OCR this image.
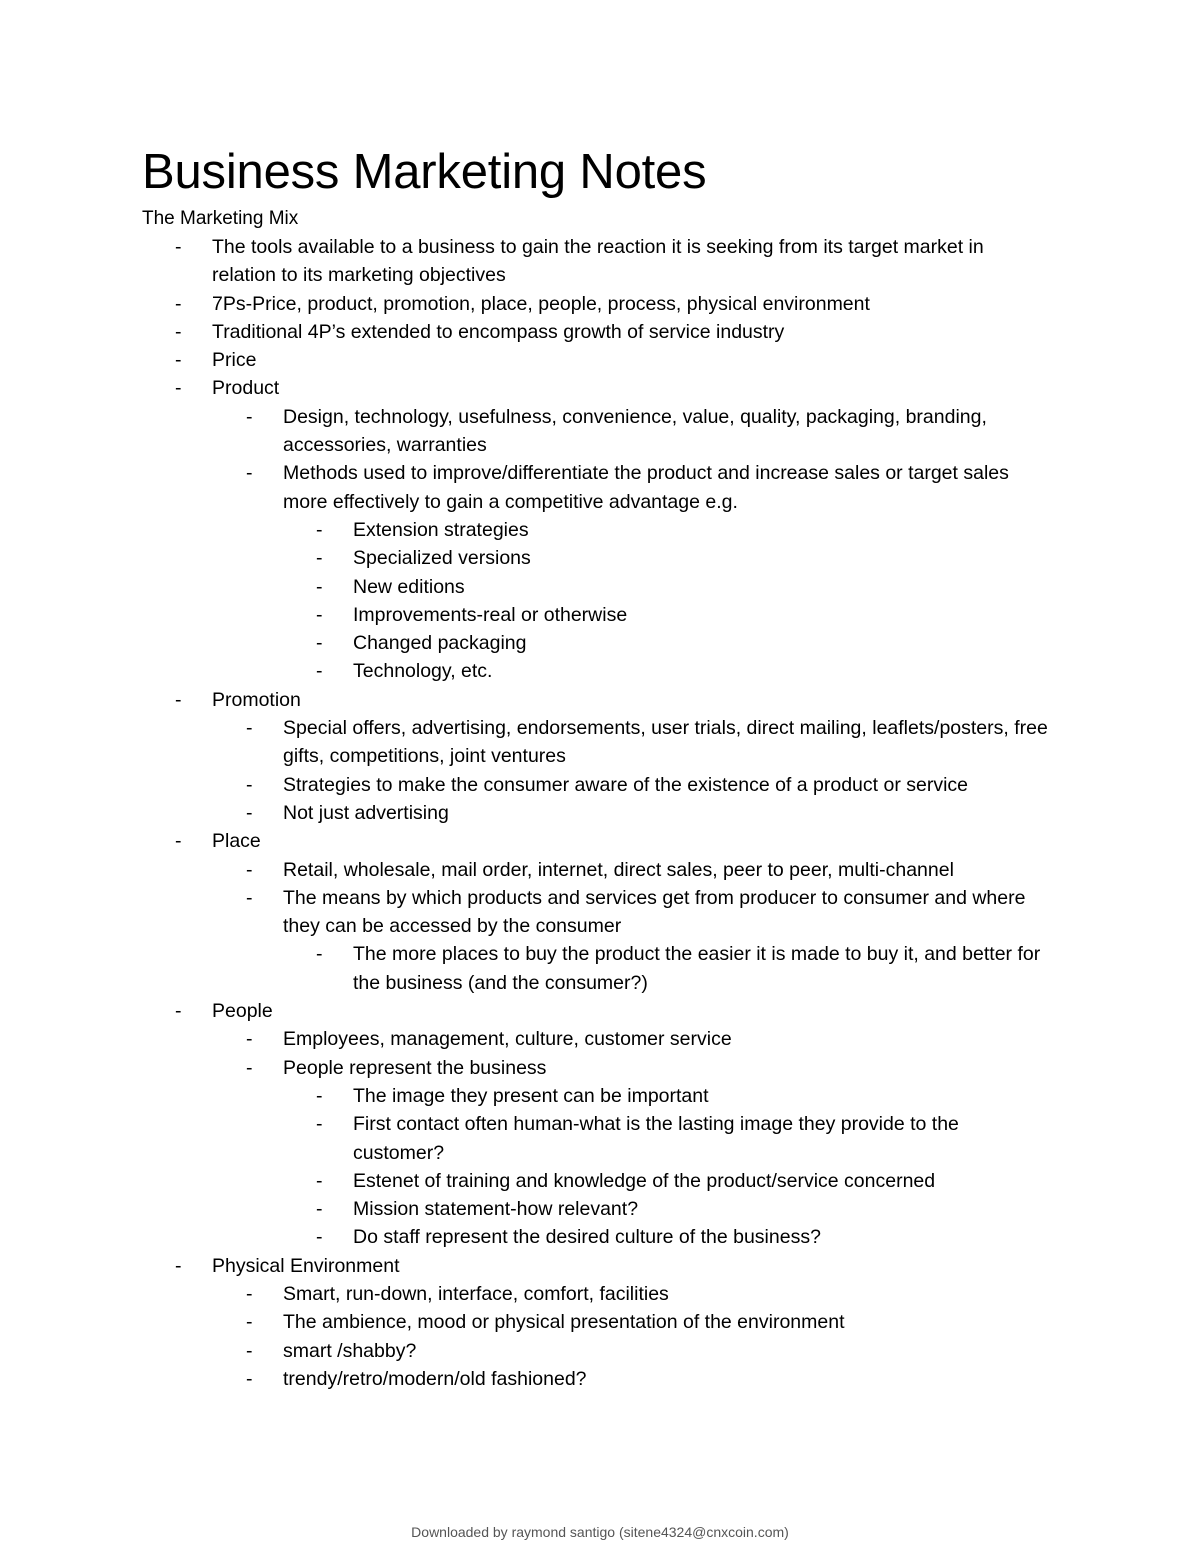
Business Marketing Notes
The Marketing Mix
- The tools available to a business to gain the reaction it is seeking from its target market in relation to its marketing objectives
- 7Ps-Price, product, promotion, place, people, process, physical environment
- Traditional 4P’s extended to encompass growth of service industry
- Price
- Product
- Design, technology, usefulness, convenience, value, quality, packaging, branding, accessories, warranties
- Methods used to improve/differentiate the product and increase sales or target sales more effectively to gain a competitive advantage e.g.
- Extension strategies
- Specialized versions
- New editions
- Improvements-real or otherwise
- Changed packaging
- Technology, etc.
- Promotion
- Special offers, advertising, endorsements, user trials, direct mailing, leaflets/posters, free gifts, competitions, joint ventures
- Strategies to make the consumer aware of the existence of a product or service
- Not just advertising
- Place
- Retail, wholesale, mail order, internet, direct sales, peer to peer, multi-channel
- The means by which products and services get from producer to consumer and where they can be accessed by the consumer
- The more places to buy the product the easier it is made to buy it, and better for the business (and the consumer?)
- People
- Employees, management, culture, customer service
- People represent the business
- The image they present can be important
- First contact often human-what is the lasting image they provide to the customer?
- Estenet of training and knowledge of the product/service concerned
- Mission statement-how relevant?
- Do staff represent the desired culture of the business?
- Physical Environment
- Smart, run-down, interface, comfort, facilities
- The ambience, mood or physical presentation of the environment
- smart /shabby?
- trendy/retro/modern/old fashioned?
Downloaded by raymond santigo (sitene4324@cnxcoin.com)
